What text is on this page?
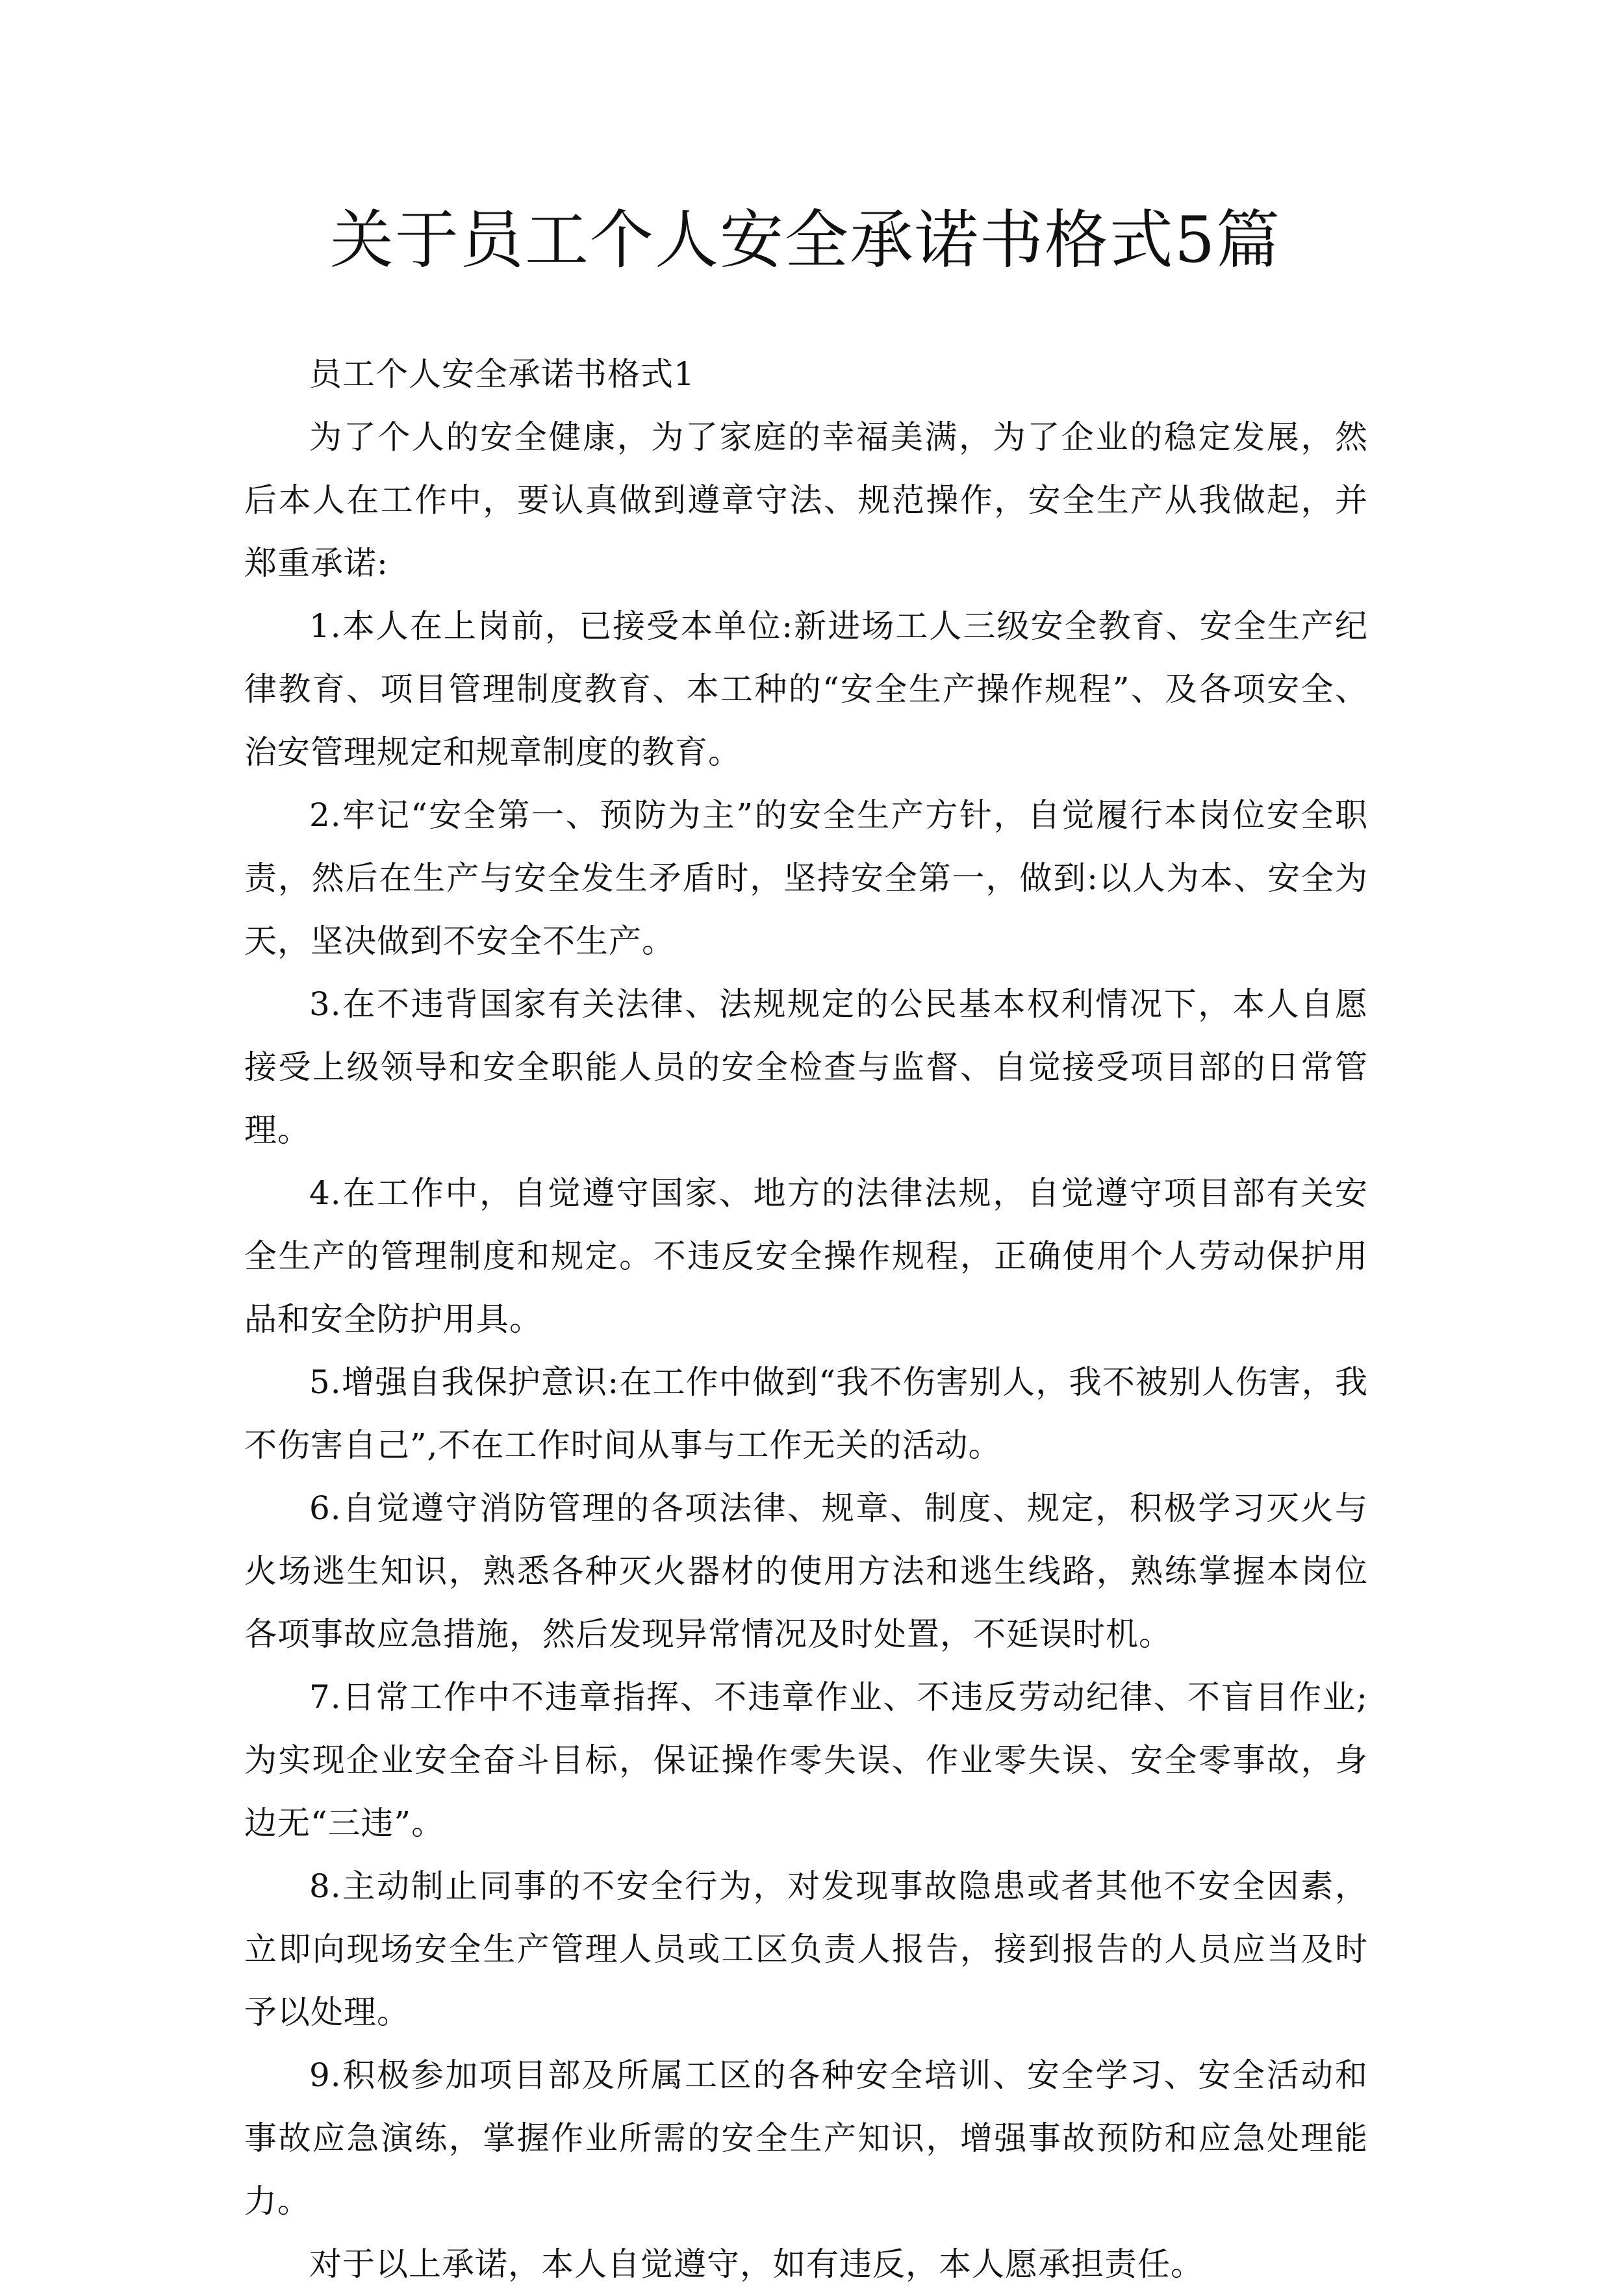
关于员工个人安全承诺书格式5篇

员工个人安全承诺书格式1

为了个人的安全健康，为了家庭的幸福美满，为了企业的稳定发展，然后本人在工作中，要认真做到遵章守法、规范操作，安全生产从我做起，并郑重承诺:

1.本人在上岗前，已接受本单位:新进场工人三级安全教育、安全生产纪律教育、项目管理制度教育、本工种的“安全生产操作规程”、及各项安全、治安管理规定和规章制度的教育。

2.牢记“安全第一、预防为主”的安全生产方针，自觉履行本岗位安全职责，然后在生产与安全发生矛盾时，坚持安全第一，做到:以人为本、安全为天，坚决做到不安全不生产。

3.在不违背国家有关法律、法规规定的公民基本权利情况下，本人自愿接受上级领导和安全职能人员的安全检查与监督、自觉接受项目部的日常管理。

4.在工作中，自觉遵守国家、地方的法律法规，自觉遵守项目部有关安全生产的管理制度和规定。不违反安全操作规程，正确使用个人劳动保护用品和安全防护用具。

5.增强自我保护意识:在工作中做到“我不伤害别人，我不被别人伤害，我不伤害自己”,不在工作时间从事与工作无关的活动。

6.自觉遵守消防管理的各项法律、规章、制度、规定，积极学习灭火与火场逃生知识，熟悉各种灭火器材的使用方法和逃生线路，熟练掌握本岗位各项事故应急措施，然后发现异常情况及时处置，不延误时机。

7.日常工作中不违章指挥、不违章作业、不违反劳动纪律、不盲目作业;为实现企业安全奋斗目标，保证操作零失误、作业零失误、安全零事故，身边无“三违”。

8.主动制止同事的不安全行为，对发现事故隐患或者其他不安全因素，立即向现场安全生产管理人员或工区负责人报告，接到报告的人员应当及时予以处理。

9.积极参加项目部及所属工区的各种安全培训、安全学习、安全活动和事故应急演练，掌握作业所需的安全生产知识，增强事故预防和应急处理能力。

对于以上承诺，本人自觉遵守，如有违反，本人愿承担责任。
